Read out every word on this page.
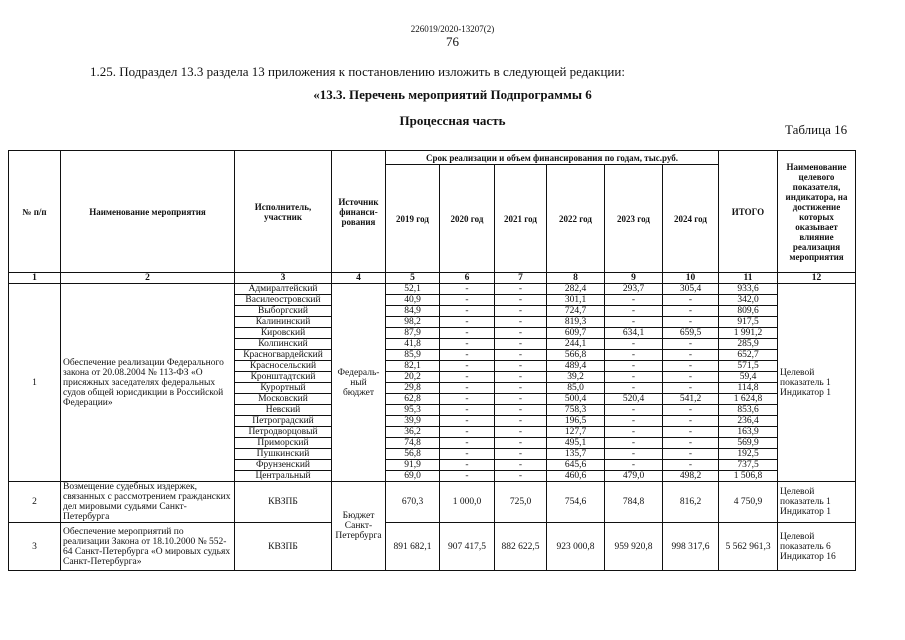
226019/2020-13207(2)
76
1.25. Подраздел 13.3 раздела 13 приложения к постановлению изложить в следующей редакции:
«13.3. Перечень мероприятий Подпрограммы 6
Процессная часть
Таблица 16
№ п/п	Наименование мероприятия	Исполнитель, участник	Источник финанси-рования	Срок реализации и объем финансирования по годам, тыс.руб.						ИТОГО	Наименование целевого показателя, индикатора, на достижение которых оказывает влияние реализация мероприятия
				2019 год	2020 год	2021 год	2022 год	2023 год	2024 год		
1	2	3	4	5	6	7	8	9	10	11	12
1	Обеспечение реализации Федерального закона от 20.08.2004 № 113-ФЗ «О присяжных заседателях федеральных судов общей юрисдикции в Российской Федерации»	Адмиралтейский	Федераль-ный бюджет	52,1	-	-	282,4	293,7	305,4	933,6	Целевой показатель 1 Индикатор 1
		Василеостровский		40,9	-	-	301,1	-	-	342,0	
		Выборгский		84,9	-	-	724,7	-	-	809,6	
		Калининский		98,2	-	-	819,3	-	-	917,5	
		Кировский		87,9	-	-	609,7	634,1	659,5	1 991,2	
		Колпинский		41,8	-	-	244,1	-	-	285,9	
		Красногвардейский		85,9	-	-	566,8	-	-	652,7	
		Красносельский		82,1	-	-	489,4	-	-	571,5	
		Кронштадтский		20,2	-	-	39,2	-	-	59,4	
		Курортный		29,8	-	-	85,0	-	-	114,8	
		Московский		62,8	-	-	500,4	520,4	541,2	1 624,8	
		Невский		95,3	-	-	758,3	-	-	853,6	
		Петроградский		39,9	-	-	196,5	-	-	236,4	
		Петродворцовый		36,2	-	-	127,7	-	-	163,9	
		Приморский		74,8	-	-	495,1	-	-	569,9	
		Пушкинский		56,8	-	-	135,7	-	-	192,5	
		Фрунзенский		91,9	-	-	645,6	-	-	737,5	
		Центральный		69,0	-	-	460,6	479,0	498,2	1 506,8	
2	Возмещение судебных издержек, связанных с рассмотрением гражданских дел мировыми судьями Санкт-Петербурга	КВЗПБ	Бюджет Санкт-Петербурга	670,3	1 000,0	725,0	754,6	784,8	816,2	4 750,9	Целевой показатель 1 Индикатор 1
3	Обеспечение мероприятий по реализации Закона от 18.10.2000 № 552-64 Санкт-Петербурга «О мировых судьях Санкт-Петербурга»	КВЗПБ		891 682,1	907 417,5	882 622,5	923 000,8	959 920,8	998 317,6	5 562 961,3	Целевой показатель 6 Индикатор 16
